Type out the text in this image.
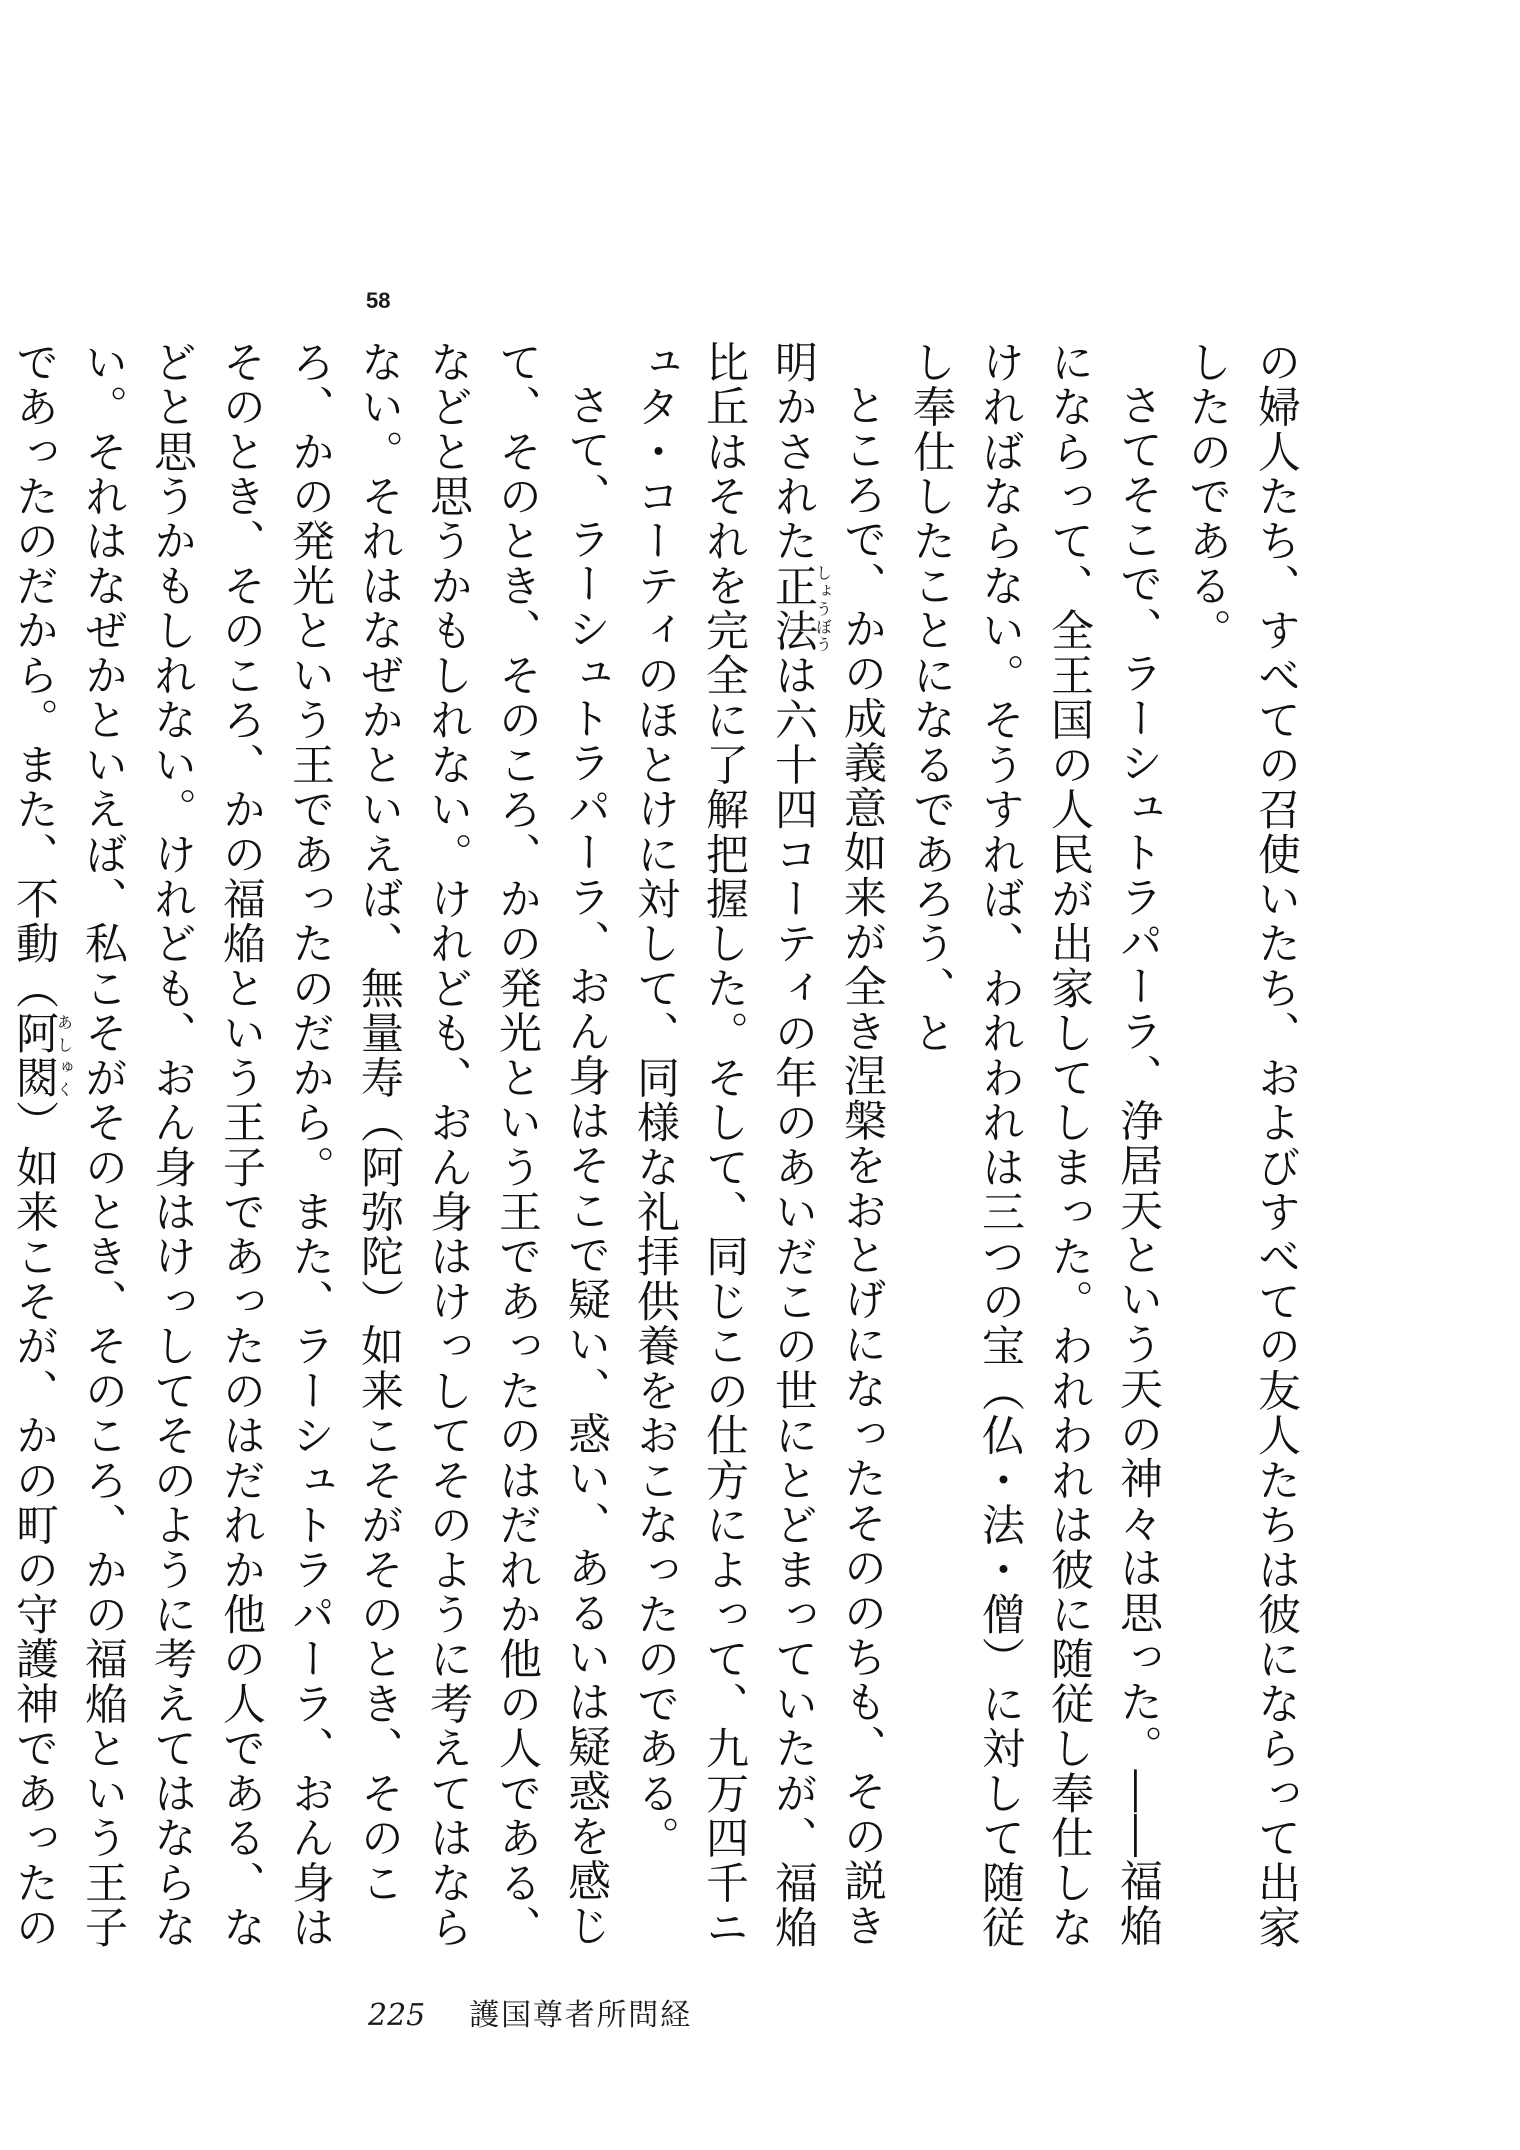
58

の婦人たち、すべての召使いたち、およびすべての友人たちは彼にならって出家したのである。

さてそこで、ラーシュトラパーラ、浄居天という天の神々は思った。――福焔にならって、全王国の人民が出家してしまった。われわれは彼に随従し奉仕しなければならない。そうすれば、われわれは三つの宝（仏・法・僧）に対して随従し奉仕したことになるであろう、と

ところで、かの成義意如来が全き涅槃をおとげになったそののちも、その説き明かされた正法しょうぼうは六十四コーティの年のあいだこの世にとどまっていたが、福焔比丘はそれを完全に了解把握した。そして、同じこの仕方によって、九万四千ニュタ・コーティのほとけに対して、同様な礼拝供養をおこなったのである。

さて、ラーシュトラパーラ、おん身はそこで疑い、惑い、あるいは疑惑を感じて、そのとき、そのころ、かの発光という王であったのはだれか他の人である、などと思うかもしれない。けれども、おん身はけっしてそのように考えてはならない。それはなぜかといえば、無量寿（阿弥陀）如来こそがそのとき、そのころ、かの発光という王であったのだから。また、ラーシュトラパーラ、おん身はそのとき、そのころ、かの福焔という王子であったのはだれか他の人である、などと思うかもしれない。けれども、おん身はけっしてそのように考えてはならない。それはなぜかといえば、私こそがそのとき、そのころ、かの福焔という王子であったのだから。また、不動（阿閦あしゅく）如来こそが、かの町の守護神であったの

225 護国尊者所問経
